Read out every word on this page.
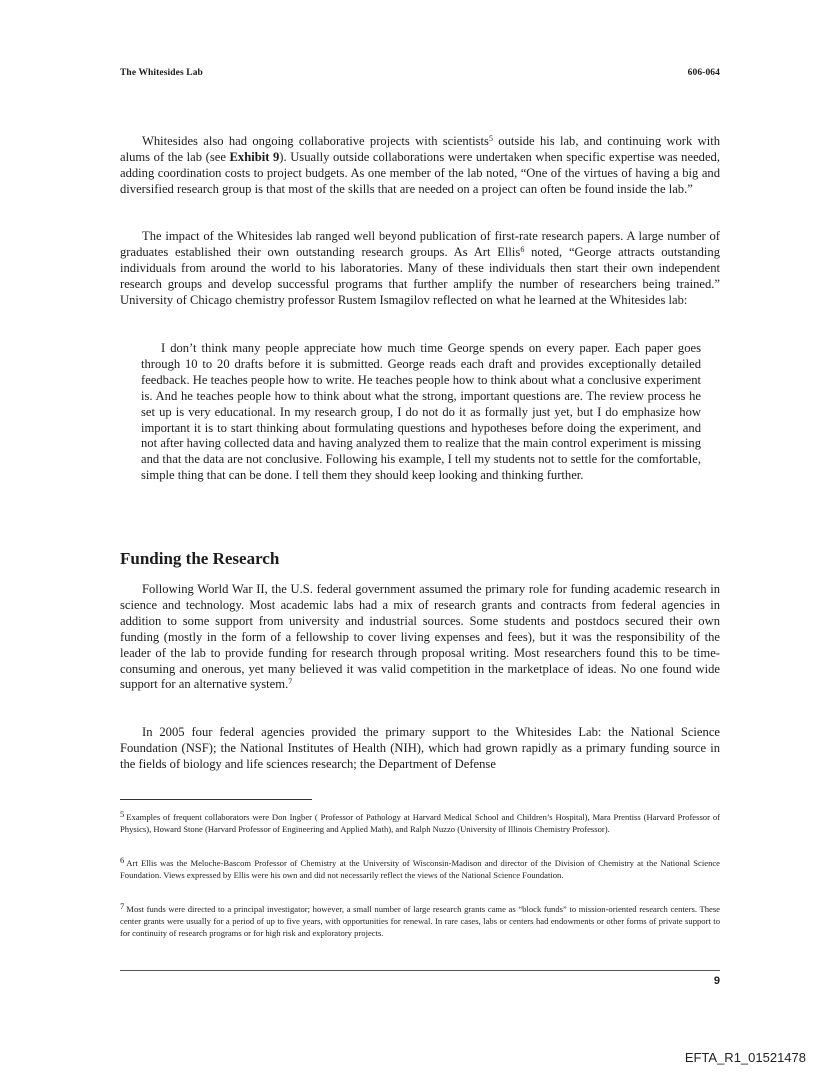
The Whitesides Lab	606-064

Whitesides also had ongoing collaborative projects with scientists$^5$ outside his lab, and continuing work with alums of the lab (see Exhibit 9). Usually outside collaborations were undertaken when specific expertise was needed, adding coordination costs to project budgets. As one member of the lab noted, “One of the virtues of having a big and diversified research group is that most of the skills that are needed on a project can often be found inside the lab.”

The impact of the Whitesides lab ranged well beyond publication of first-rate research papers. A large number of graduates established their own outstanding research groups. As Art Ellis$^6$ noted, “George attracts outstanding individuals from around the world to his laboratories. Many of these individuals then start their own independent research groups and develop successful programs that further amplify the number of researchers being trained.” University of Chicago chemistry professor Rustem Ismagilov reflected on what he learned at the Whitesides lab:

I don’t think many people appreciate how much time George spends on every paper. Each paper goes through 10 to 20 drafts before it is submitted. George reads each draft and provides exceptionally detailed feedback. He teaches people how to write. He teaches people how to think about what a conclusive experiment is. And he teaches people how to think about what the strong, important questions are. The review process he set up is very educational. In my research group, I do not do it as formally just yet, but I do emphasize how important it is to start thinking about formulating questions and hypotheses before doing the experiment, and not after having collected data and having analyzed them to realize that the main control experiment is missing and that the data are not conclusive. Following his example, I tell my students not to settle for the comfortable, simple thing that can be done. I tell them they should keep looking and thinking further.

Funding the Research

Following World War II, the U.S. federal government assumed the primary role for funding academic research in science and technology. Most academic labs had a mix of research grants and contracts from federal agencies in addition to some support from university and industrial sources. Some students and postdocs secured their own funding (mostly in the form of a fellowship to cover living expenses and fees), but it was the responsibility of the leader of the lab to provide funding for research through proposal writing. Most researchers found this to be time-consuming and onerous, yet many believed it was valid competition in the marketplace of ideas. No one found wide support for an alternative system.$^7$

In 2005 four federal agencies provided the primary support to the Whitesides Lab: the National Science Foundation (NSF); the National Institutes of Health (NIH), which had grown rapidly as a primary funding source in the fields of biology and life sciences research; the Department of Defense

5 Examples of frequent collaborators were Don Ingber ( Professor of Pathology at Harvard Medical School and Children’s Hospital), Mara Prentiss (Harvard Professor of Physics), Howard Stone (Harvard Professor of Engineering and Applied Math), and Ralph Nuzzo (University of Illinois Chemistry Professor).

6 Art Ellis was the Meloche-Bascom Professor of Chemistry at the University of Wisconsin-Madison and director of the Division of Chemistry at the National Science Foundation. Views expressed by Ellis were his own and did not necessarily reflect the views of the National Science Foundation.

7 Most funds were directed to a principal investigator; however, a small number of large research grants came as “block funds” to mission-oriented research centers. These center grants were usually for a period of up to five years, with opportunities for renewal. In rare cases, labs or centers had endowments or other forms of private support to for continuity of research programs or for high risk and exploratory projects.

9
EFTA_R1_01521478
